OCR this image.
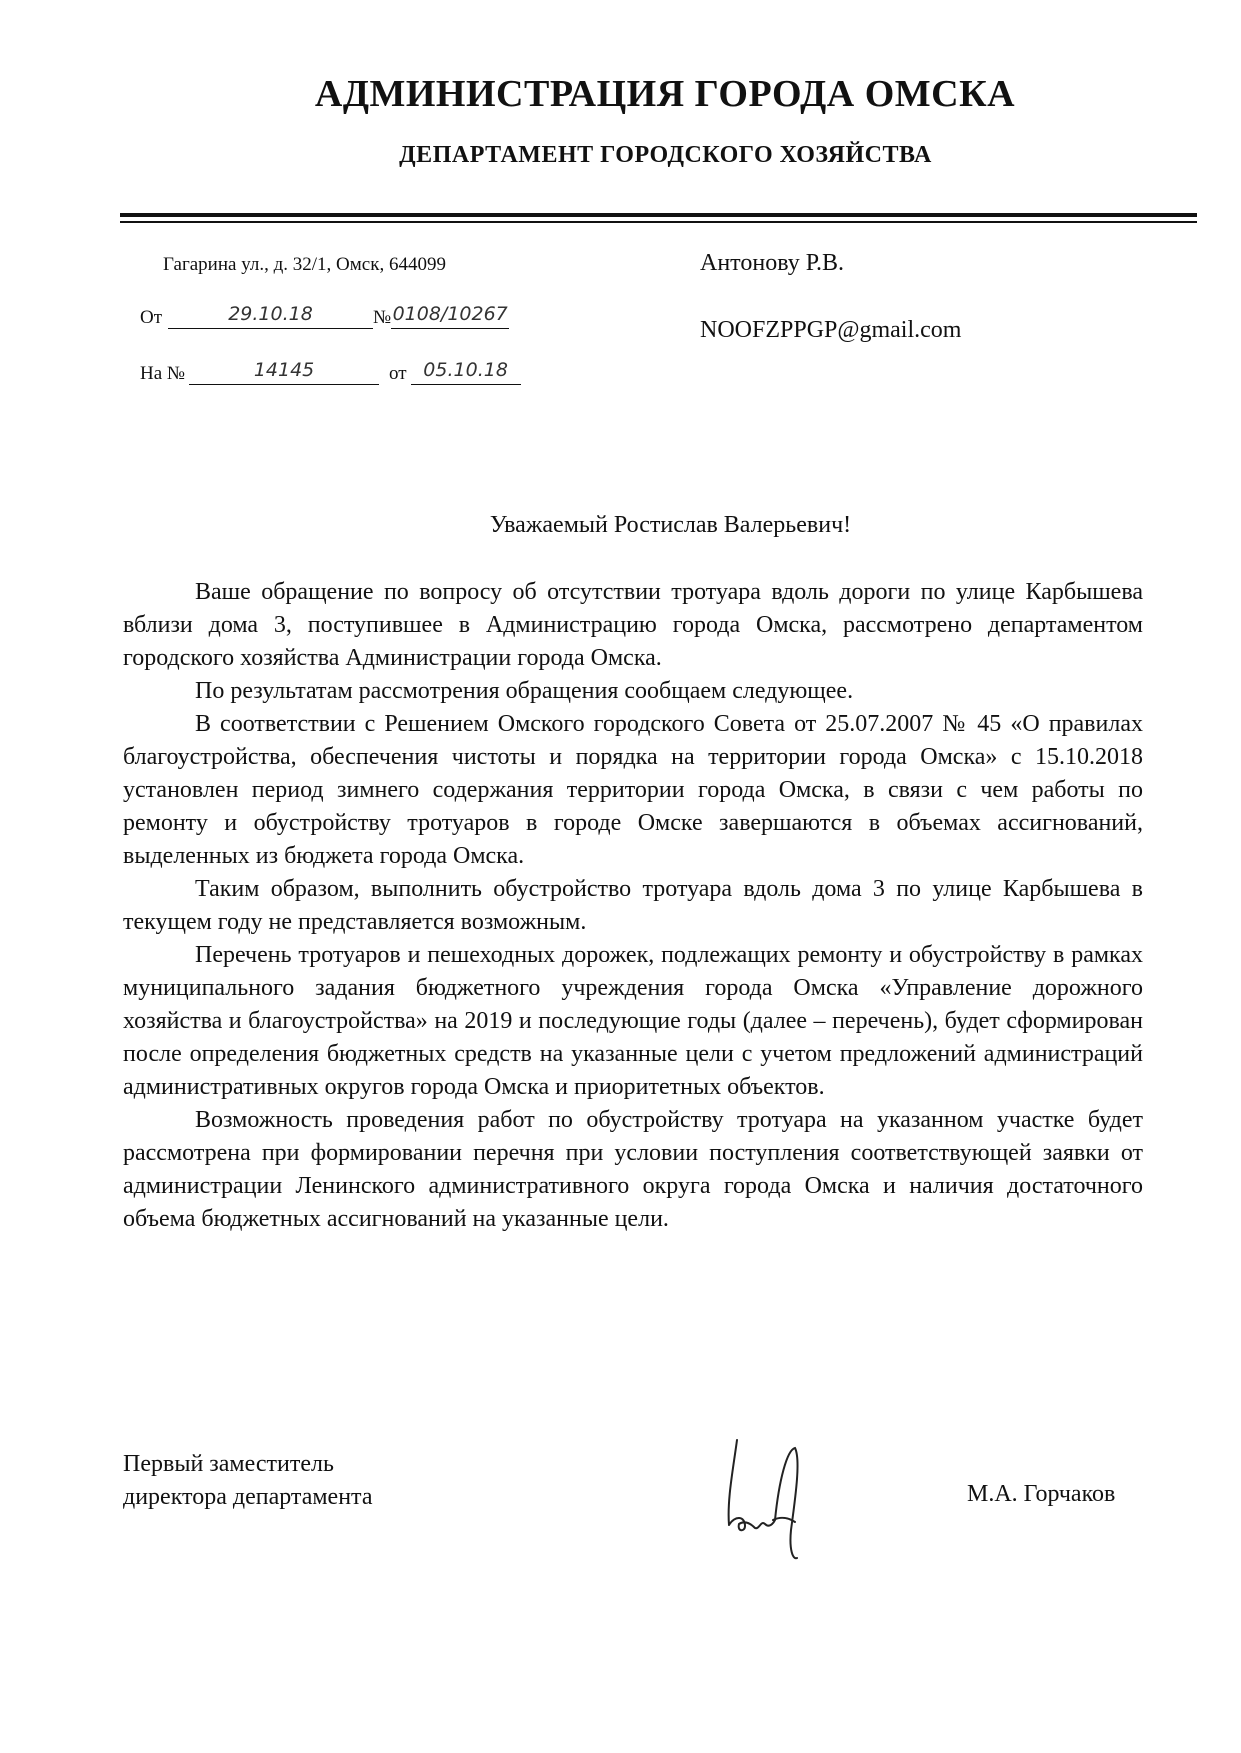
АДМИНИСТРАЦИЯ ГОРОДА ОМСКА
ДЕПАРТАМЕНТ ГОРОДСКОГО ХОЗЯЙСТВА
Гагарина ул., д. 32/1, Омск, 644099
От	29.10.18	№ 0108/10267
На №	14145	от 05.10.18
Антонову Р.В.
NOOFZPPGP@gmail.com
Уважаемый Ростислав Валерьевич!

Ваше обращение по вопросу об отсутствии тротуара вдоль дороги по улице Карбышева вблизи дома 3, поступившее в Администрацию города Омска, рассмотрено департаментом городского хозяйства Администрации города Омска.

По результатам рассмотрения обращения сообщаем следующее.

В соответствии с Решением Омского городского Совета от 25.07.2007 № 45 «О правилах благоустройства, обеспечения чистоты и порядка на территории города Омска» с 15.10.2018 установлен период зимнего содержания территории города Омска, в связи с чем работы по ремонту и обустройству тротуаров в городе Омске завершаются в объемах ассигнований, выделенных из бюджета города Омска.

Таким образом, выполнить обустройство тротуара вдоль дома 3 по улице Карбышева в текущем году не представляется возможным.

Перечень тротуаров и пешеходных дорожек, подлежащих ремонту и обустройству в рамках муниципального задания бюджетного учреждения города Омска «Управление дорожного хозяйства и благоустройства» на 2019 и последующие годы (далее – перечень), будет сформирован после определения бюджетных средств на указанные цели с учетом предложений администраций административных округов города Омска и приоритетных объектов.

Возможность проведения работ по обустройству тротуара на указанном участке будет рассмотрена при формировании перечня при условии поступления соответствующей заявки от администрации Ленинского административного округа города Омска и наличия достаточного объема бюджетных ассигнований на указанные цели.

Первый заместитель
директора департамента	М.А. Горчаков
